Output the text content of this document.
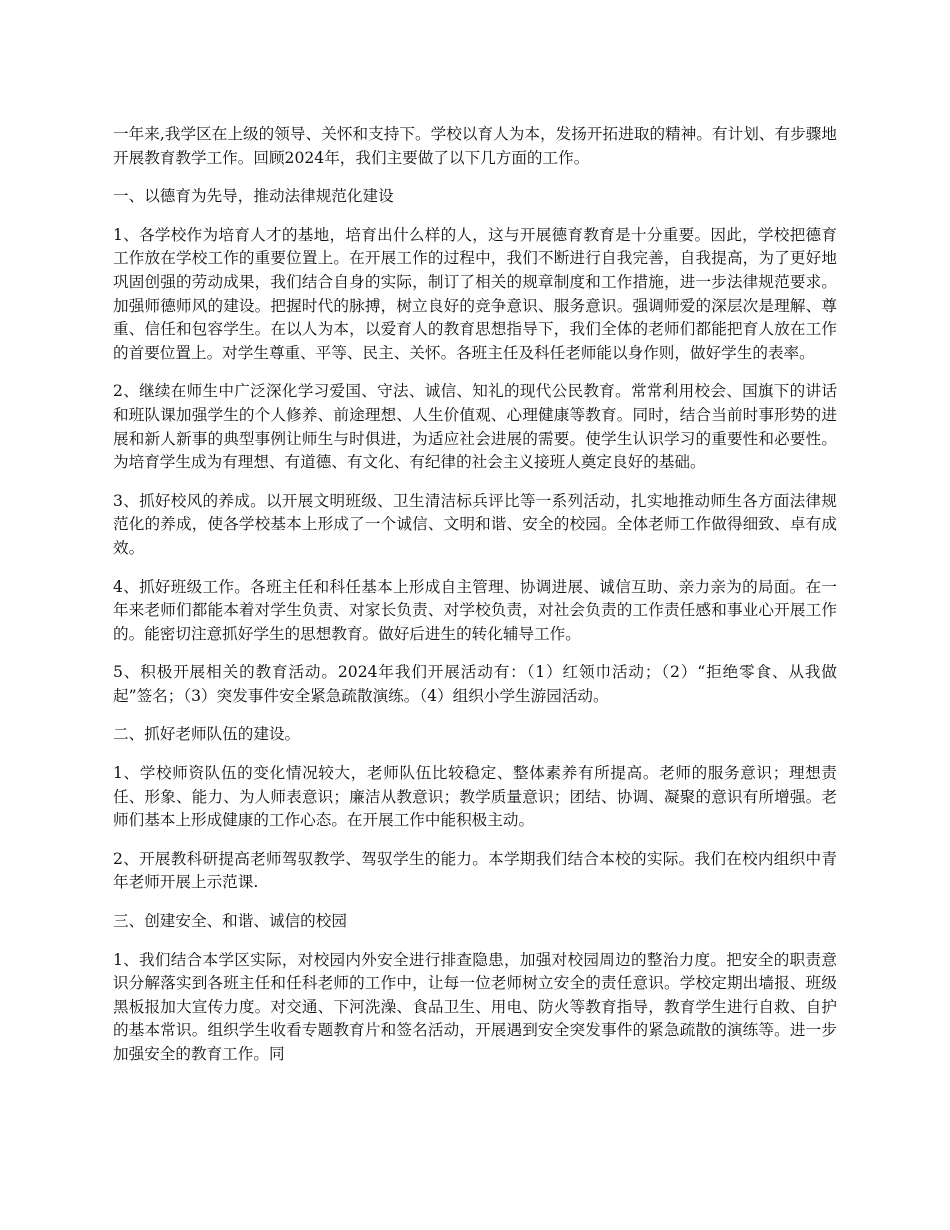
一年来,我学区在上级的领导、关怀和支持下。学校以育人为本，发扬开拓进取的精神。有计划、有步骤地开展教育教学工作。回顾2024年，我们主要做了以下几方面的工作。

一、以德育为先导，推动法律规范化建设

1、各学校作为培育人才的基地，培育出什么样的人，这与开展德育教育是十分重要。因此，学校把德育工作放在学校工作的重要位置上。在开展工作的过程中，我们不断进行自我完善，自我提高，为了更好地巩固创强的劳动成果，我们结合自身的实际，制订了相关的规章制度和工作措施，进一步法律规范要求。加强师德师风的建设。把握时代的脉搏，树立良好的竞争意识、服务意识。强调师爱的深层次是理解、尊重、信任和包容学生。在以人为本，以爱育人的教育思想指导下，我们全体的老师们都能把育人放在工作的首要位置上。对学生尊重、平等、民主、关怀。各班主任及科任老师能以身作则，做好学生的表率。

2、继续在师生中广泛深化学习爱国、守法、诚信、知礼的现代公民教育。常常利用校会、国旗下的讲话和班队课加强学生的个人修养、前途理想、人生价值观、心理健康等教育。同时，结合当前时事形势的进展和新人新事的典型事例让师生与时俱进，为适应社会进展的需要。使学生认识学习的重要性和必要性。为培育学生成为有理想、有道德、有文化、有纪律的社会主义接班人奠定良好的基础。

3、抓好校风的养成。以开展文明班级、卫生清洁标兵评比等一系列活动，扎实地推动师生各方面法律规范化的养成，使各学校基本上形成了一个诚信、文明和谐、安全的校园。全体老师工作做得细致、卓有成效。

4、抓好班级工作。各班主任和科任基本上形成自主管理、协调进展、诚信互助、亲力亲为的局面。在一年来老师们都能本着对学生负责、对家长负责、对学校负责，对社会负责的工作责任感和事业心开展工作的。能密切注意抓好学生的思想教育。做好后进生的转化辅导工作。

5、积极开展相关的教育活动。2024年我们开展活动有：（1）红领巾活动；（2）“拒绝零食、从我做起”签名；（3）突发事件安全紧急疏散演练。（4）组织小学生游园活动。

二、抓好老师队伍的建设。

1、学校师资队伍的变化情况较大，老师队伍比较稳定、整体素养有所提高。老师的服务意识；理想责任、形象、能力、为人师表意识；廉洁从教意识；教学质量意识；团结、协调、凝聚的意识有所增强。老师们基本上形成健康的工作心态。在开展工作中能积极主动。

2、开展教科研提高老师驾驭教学、驾驭学生的能力。本学期我们结合本校的实际。我们在校内组织中青年老师开展上示范课.

三、创建安全、和谐、诚信的校园

1、我们结合本学区实际，对校园内外安全进行排查隐患，加强对校园周边的整治力度。把安全的职责意识分解落实到各班主任和任科老师的工作中，让每一位老师树立安全的责任意识。学校定期出墙报、班级黑板报加大宣传力度。对交通、下河洗澡、食品卫生、用电、防火等教育指导，教育学生进行自救、自护的基本常识。组织学生收看专题教育片和签名活动，开展遇到安全突发事件的紧急疏散的演练等。进一步加强安全的教育工作。同
